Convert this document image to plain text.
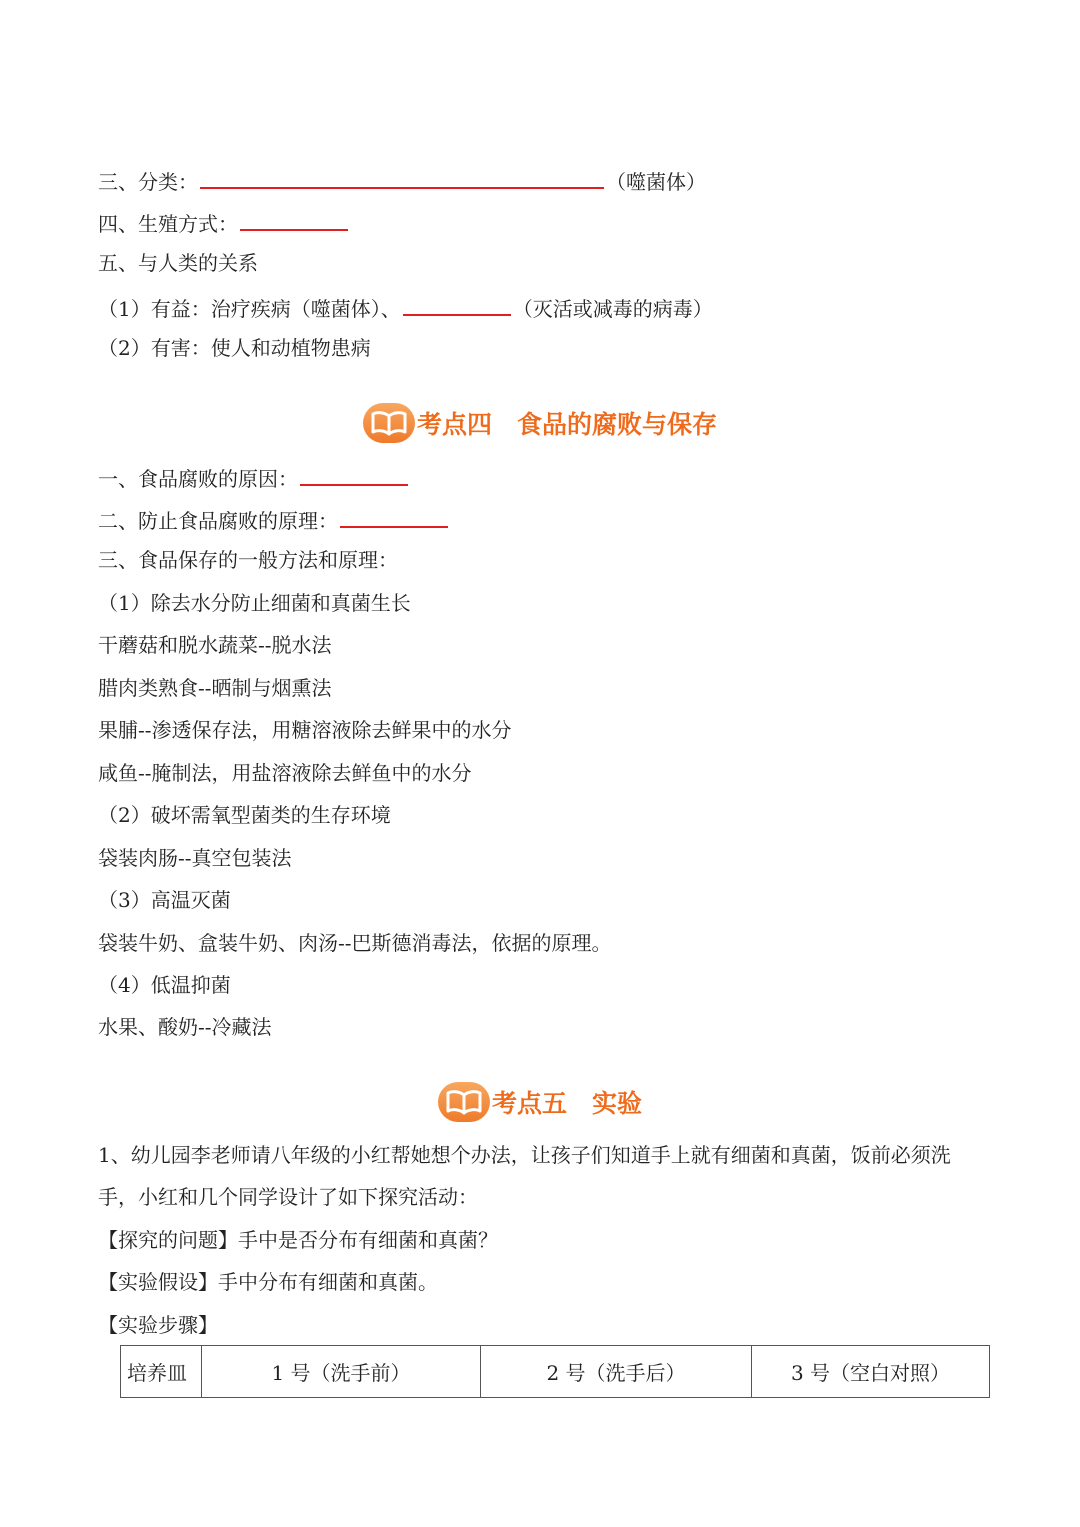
三、分类：	（噬菌体）
四、生殖方式：
五、与人类的关系
（1）有益：治疗疾病（噬菌体）、	（灭活或减毒的病毒）
（2）有害：使人和动植物患病
考点四　食品的腐败与保存
一、食品腐败的原因：
二、防止食品腐败的原理：
三、食品保存的一般方法和原理：
（1）除去水分防止细菌和真菌生长
干蘑菇和脱水蔬菜--脱水法
腊肉类熟食--晒制与烟熏法
果脯--渗透保存法，用糖溶液除去鲜果中的水分
咸鱼--腌制法，用盐溶液除去鲜鱼中的水分
（2）破坏需氧型菌类的生存环境
袋装肉肠--真空包装法
（3）高温灭菌
袋装牛奶、盒装牛奶、肉汤--巴斯德消毒法，依据的原理。
（4）低温抑菌
水果、酸奶--冷藏法
考点五　实验
1、幼儿园李老师请八年级的小红帮她想个办法，让孩子们知道手上就有细菌和真菌，饭前必须洗手，小红和几个同学设计了如下探究活动：
【探究的问题】手中是否分布有细菌和真菌？
【实验假设】手中分布有细菌和真菌。
【实验步骤】
培养皿	1 号（洗手前）	2 号（洗手后）	3 号（空白对照）
